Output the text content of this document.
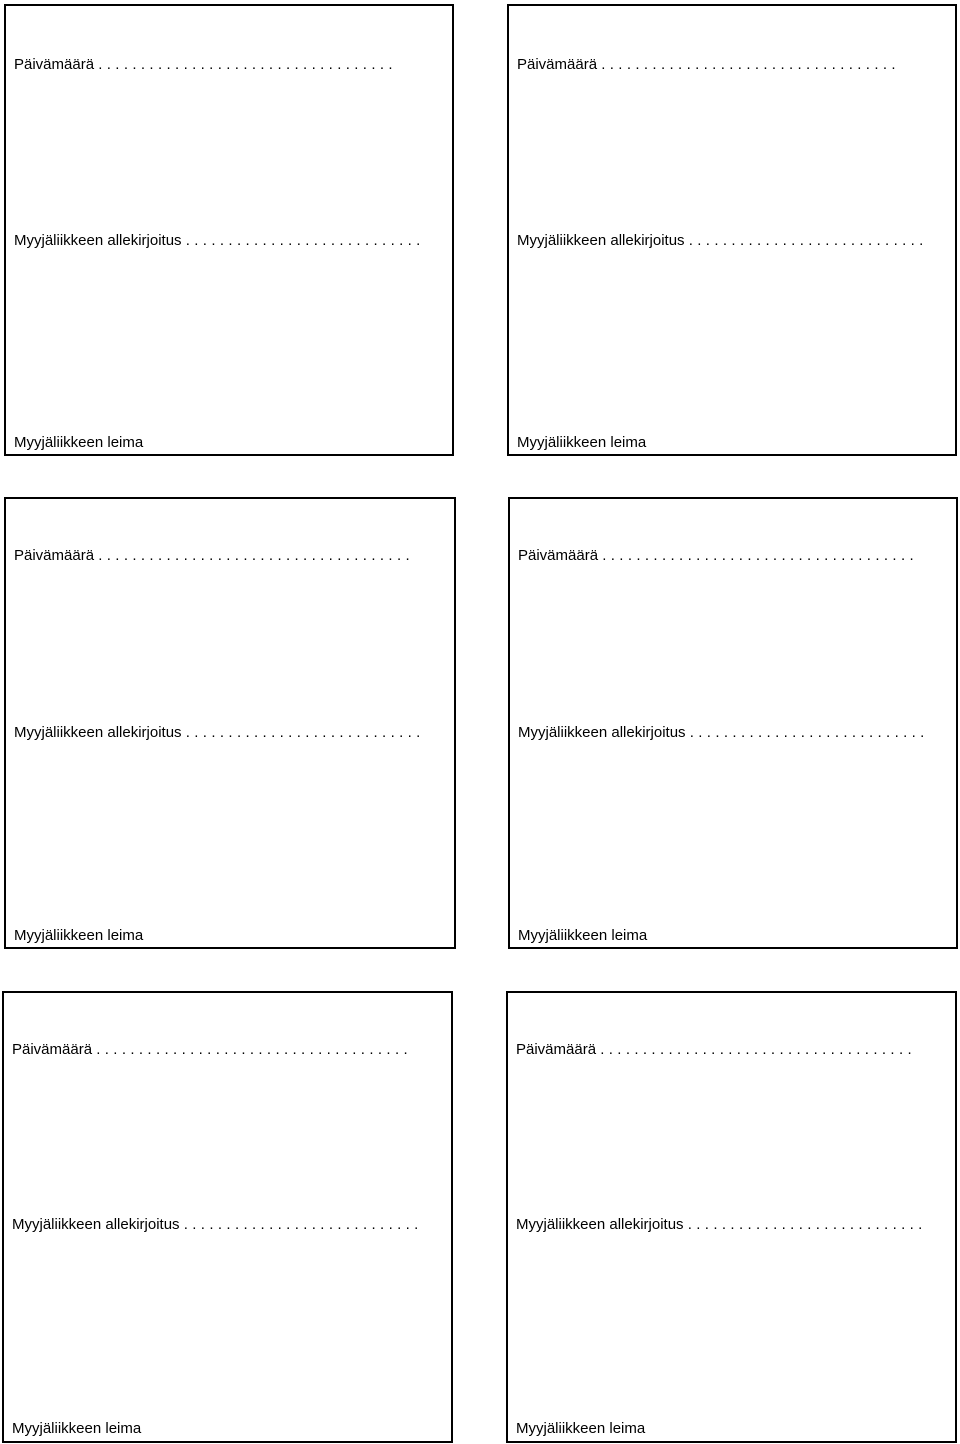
Päivämäärä . . . . . . . . . . . . . . . . . . . . . . . . . . . . . . . . . . .
Myyjäliikkeen allekirjoitus . . . . . . . . . . . . . . . . . . . . . . . . . . . .
Myyjäliikkeen leima
Päivämäärä . . . . . . . . . . . . . . . . . . . . . . . . . . . . . . . . . . .
Myyjäliikkeen allekirjoitus . . . . . . . . . . . . . . . . . . . . . . . . . . . .
Myyjäliikkeen leima
Päivämäärä . . . . . . . . . . . . . . . . . . . . . . . . . . . . . . . . . . . . .
Myyjäliikkeen allekirjoitus . . . . . . . . . . . . . . . . . . . . . . . . . . . .
Myyjäliikkeen leima
Päivämäärä . . . . . . . . . . . . . . . . . . . . . . . . . . . . . . . . . . . . .
Myyjäliikkeen allekirjoitus . . . . . . . . . . . . . . . . . . . . . . . . . . . .
Myyjäliikkeen leima
Päivämäärä . . . . . . . . . . . . . . . . . . . . . . . . . . . . . . . . . . . . .
Myyjäliikkeen allekirjoitus . . . . . . . . . . . . . . . . . . . . . . . . . . . .
Myyjäliikkeen leima
Päivämäärä . . . . . . . . . . . . . . . . . . . . . . . . . . . . . . . . . . . . .
Myyjäliikkeen allekirjoitus . . . . . . . . . . . . . . . . . . . . . . . . . . . .
Myyjäliikkeen leima
